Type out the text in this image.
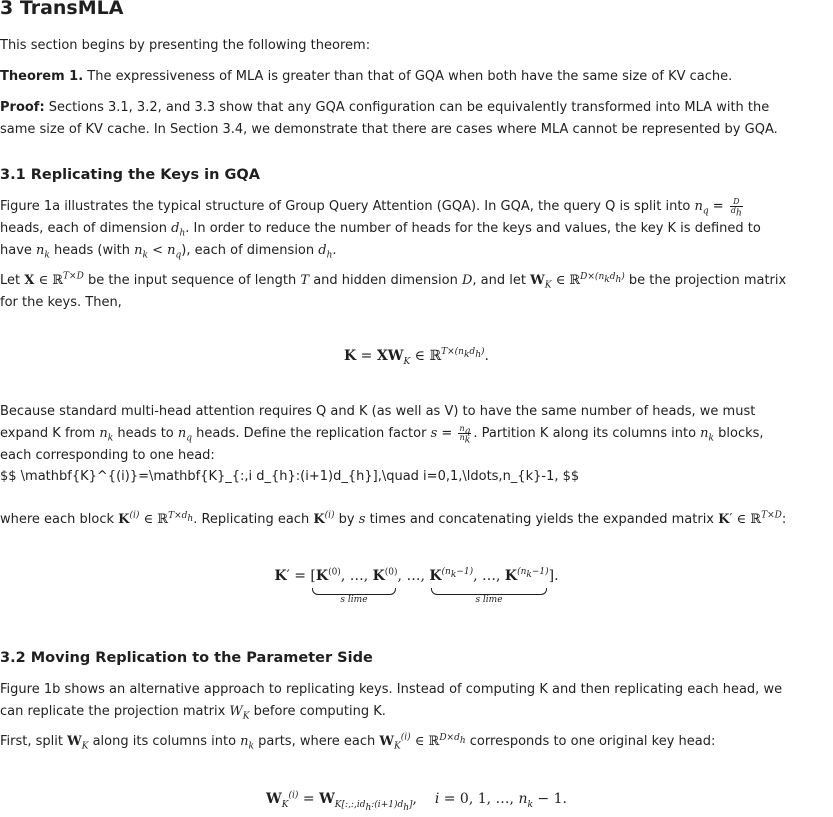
3 TransMLA

This section begins by presenting the following theorem:

Theorem 1. The expressiveness of MLA is greater than that of GQA when both have the same size of KV cache.

Proof: Sections 3.1, 3.2, and 3.3 show that any GQA configuration can be equivalently transformed into MLA with the same size of KV cache. In Section 3.4, we demonstrate that there are cases where MLA cannot be represented by GQA.

3.1 Replicating the Keys in GQA

Figure 1a illustrates the typical structure of Group Query Attention (GQA). In GQA, the query Q is split into $n_q = \frac{D}{d_h}$
heads, each of dimension $d_h$. In order to reduce the number of heads for the keys and values, the key K is defined to have $n_k$ heads (with $n_k < n_q$), each of dimension $d_h$.

Let X ∈ ℝ$^{T\times D}$ be the input sequence of length T and hidden dimension D, and let $W_K$ ∈ ℝ$^{D\times(n_kd_h)}$ be the projection matrix for the keys. Then,

$K = XW_K$ ∈ ℝ$^{T\times(n_kd_h)}$.

Because standard multi-head attention requires Q and K (as well as V) to have the same number of heads, we must expand K from $n_k$ heads to $n_q$ heads. Define the replication factor $s = \frac{n_q}{n_k}$ . Partition K along its columns into $n_k$ blocks, each corresponding to one head:

$$ \mathbf{K}^{(i)}=\mathbf{K}_{:,i d_{h}:(i+1)d_{h}],\quad i=0,1,\ldots,n_{k}-1, $$

where each block $K^{(i)}$ ∈ ℝ$^{T\times d_h}$. Replicating each $K^{(i)}$ by s times and concatenating yields the expanded matrix K′ ∈ ℝ$^{T\times D}$:

$K' = [K^{(0)}$, …, $K^{(0)}$
s lime
, …, $K^{(n_k-1)}$, …, $K^{(n_k-1)}$
s lime
].
3.2 Moving Replication to the Parameter Side

Figure 1b shows an alternative approach to replicating keys. Instead of computing K and then replicating each head, we can replicate the projection matrix $W_K$ before computing K.

First, split $W_K$ along its columns into $n_k$ parts, where each $W_K^{(i)}$ ∈ ℝ$^{D\times d_h}$ corresponds to one original key head:

$W_K^{(i)} = W_{K[:,:,id_h:(i+1)d_h]}$,    i = 0, 1, …, $n_k - 1$.
